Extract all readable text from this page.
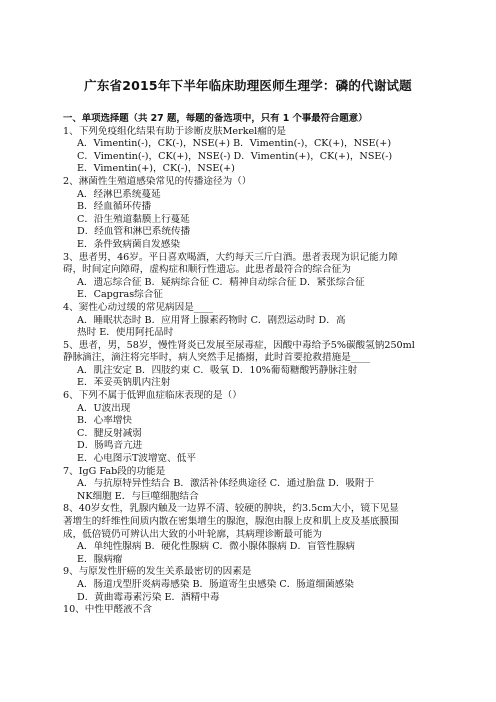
广东省2015年下半年临床助理医师生理学：磷的代谢试题
一、单项选择题（共 27 题，每题的备选项中，只有 1 个事最符合题意）
1、下列免疫组化结果有助于诊断皮肤Merkel瘤的是
A．Vimentin(-)，CK(-)，NSE(+) B．Vimentin(-)，CK(+)，NSE(+)
C．Vimentin(-)，CK(+)，NSE(-) D．Vimentin(+)，CK(+)，NSE(-)
E．Vimentin(+)，CK(-)，NSE(+)
2、淋菌性生殖道感染常见的传播途径为（）
A．经淋巴系统蔓延
B．经血循环传播
C．沿生殖道黏膜上行蔓延
D．经血管和淋巴系统传播
E．条件致病菌自发感染
3、患者男，46岁。平日喜欢喝酒，大约每天三斤白酒。患者表现为识记能力障
碍，时间定向障碍，虚构症和顺行性遗忘。此患者最符合的综合征为
A．遗忘综合征 B．疑病综合征 C．精神自动综合征 D．紧张综合征
E．Capgras综合征
4、窦性心动过缓的常见病因是____
A．睡眠状态时 B．应用肾上腺素药物时 C．剧烈运动时 D．高
热时 E．使用阿托品时
5、患者，男，58岁，慢性肾炎已发展至尿毒症，因酸中毒给予5%碳酸氢钠250ml
静脉滴注，滴注将完毕时，病人突然手足搐搦，此时首要抢救措施是____
A．肌注安定 B．四肢约束 C．吸氧 D．10%葡萄糖酸钙静脉注射
E．苯妥英钠肌内注射
6、下列不属于低钾血症临床表现的是（）
A．U波出现
B．心率增快
C．腱反射减弱
D．肠鸣音亢进
E．心电图示T波增宽、低平
7、IgG Fab段的功能是
A．与抗原特异性结合 B．激活补体经典途径 C．通过胎盘 D．吸附于
NK细胞 E．与巨噬细胞结合
8、40岁女性，乳腺内触及一边界不清、较硬的肿块，约3.5cm大小，镜下见显
著增生的纤维性间质内散在密集增生的腺泡，腺泡由腺上皮和肌上皮及基底膜围
成，低倍镜仍可辨认出大致的小叶轮廓，其病理诊断最可能为
A．单纯性腺病 B．硬化性腺病 C．微小腺体腺病 D．盲管性腺病
E．腺病瘤
9、与原发性肝癌的发生关系最密切的因素是
A．肠道戊型肝炎病毒感染 B．肠道寄生虫感染 C．肠道细菌感染
D．黄曲霉毒素污染 E．酒精中毒
10、中性甲醛液不含
